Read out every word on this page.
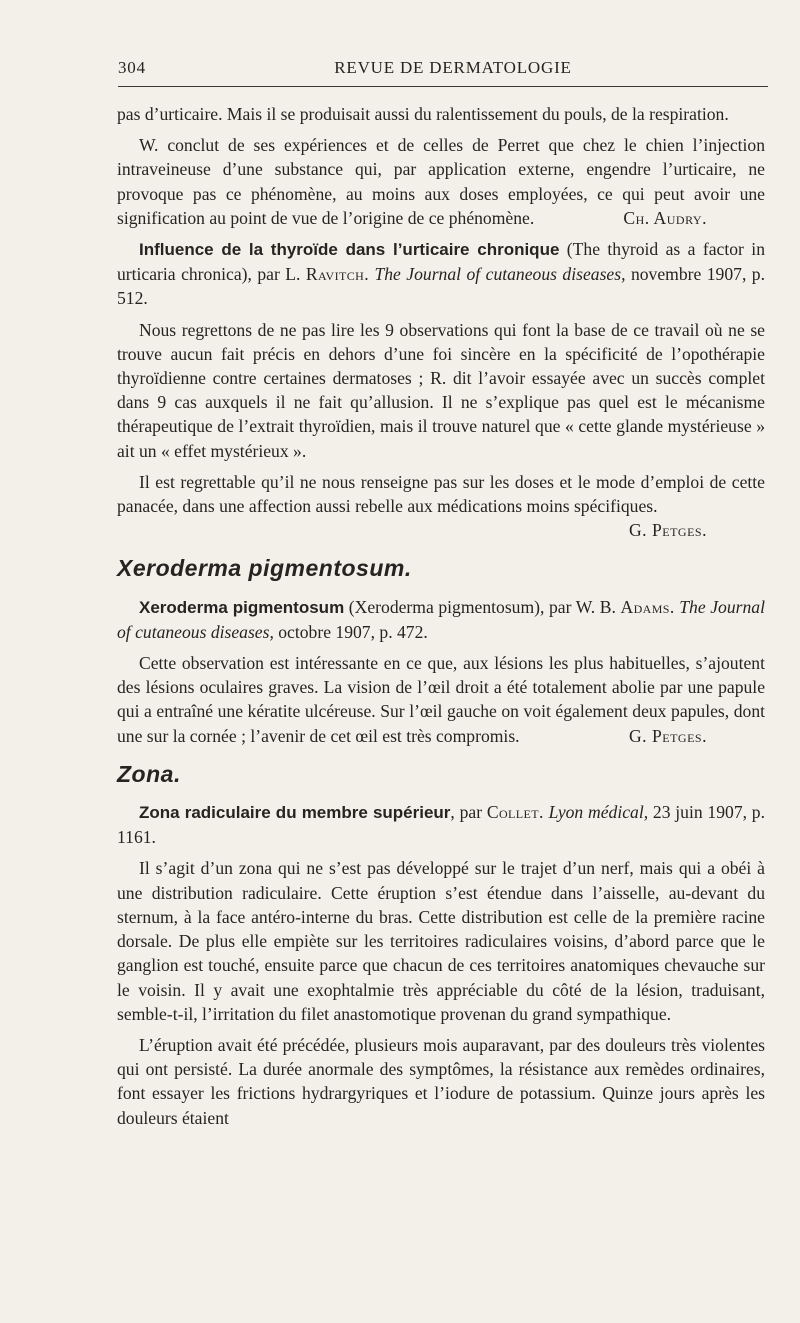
304	REVUE DE DERMATOLOGIE

pas d’urticaire. Mais il se produisait aussi du ralentissement du pouls, de la respiration.

W. conclut de ses expériences et de celles de Perret que chez le chien l’injection intraveineuse d’une substance qui, par application externe, engendre l’urticaire, ne provoque pas ce phénomène, au moins aux doses employées, ce qui peut avoir une signification au point de vue de l’origine de ce phénomène.	Ch. Audry.

Influence de la thyroïde dans l’urticaire chronique (The thyroid as a factor in urticaria chronica), par L. Ravitch. The Journal of cutaneous diseases, novembre 1907, p. 512.

Nous regrettons de ne pas lire les 9 observations qui font la base de ce travail où ne se trouve aucun fait précis en dehors d’une foi sincère en la spécificité de l’opothérapie thyroïdienne contre certaines dermatoses ; R. dit l’avoir essayée avec un succès complet dans 9 cas auxquels il ne fait qu’allusion. Il ne s’explique pas quel est le mécanisme thérapeutique de l’extrait thyroïdien, mais il trouve naturel que « cette glande mystérieuse » ait un « effet mystérieux ».

Il est regrettable qu’il ne nous renseigne pas sur les doses et le mode d’emploi de cette panacée, dans une affection aussi rebelle aux médications moins spécifiques.
G. Petges.

Xeroderma pigmentosum.

Xeroderma pigmentosum (Xeroderma pigmentosum), par W. B. Adams. The Journal of cutaneous diseases, octobre 1907, p. 472.

Cette observation est intéressante en ce que, aux lésions les plus habituelles, s’ajoutent des lésions oculaires graves. La vision de l’œil droit a été totalement abolie par une papule qui a entraîné une kératite ulcéreuse. Sur l’œil gauche on voit également deux papules, dont une sur la cornée ; l’avenir de cet œil est très compromis.	G. Petges.

Zona.

Zona radiculaire du membre supérieur, par Collet. Lyon médical, 23 juin 1907, p. 1161.

Il s’agit d’un zona qui ne s’est pas développé sur le trajet d’un nerf, mais qui a obéi à une distribution radiculaire. Cette éruption s’est étendue dans l’aisselle, au-devant du sternum, à la face antéro-interne du bras. Cette distribution est celle de la première racine dorsale. De plus elle empiète sur les territoires radiculaires voisins, d’abord parce que le ganglion est touché, ensuite parce que chacun de ces territoires anatomiques chevauche sur le voisin. Il y avait une exophtalmie très appréciable du côté de la lésion, traduisant, semble-t-il, l’irritation du filet anastomotique provenan du grand sympathique.

L’éruption avait été précédée, plusieurs mois auparavant, par des douleurs très violentes qui ont persisté. La durée anormale des symptômes, la résistance aux remèdes ordinaires, font essayer les frictions hydrargyriques et l’iodure de potassium. Quinze jours après les douleurs étaient
